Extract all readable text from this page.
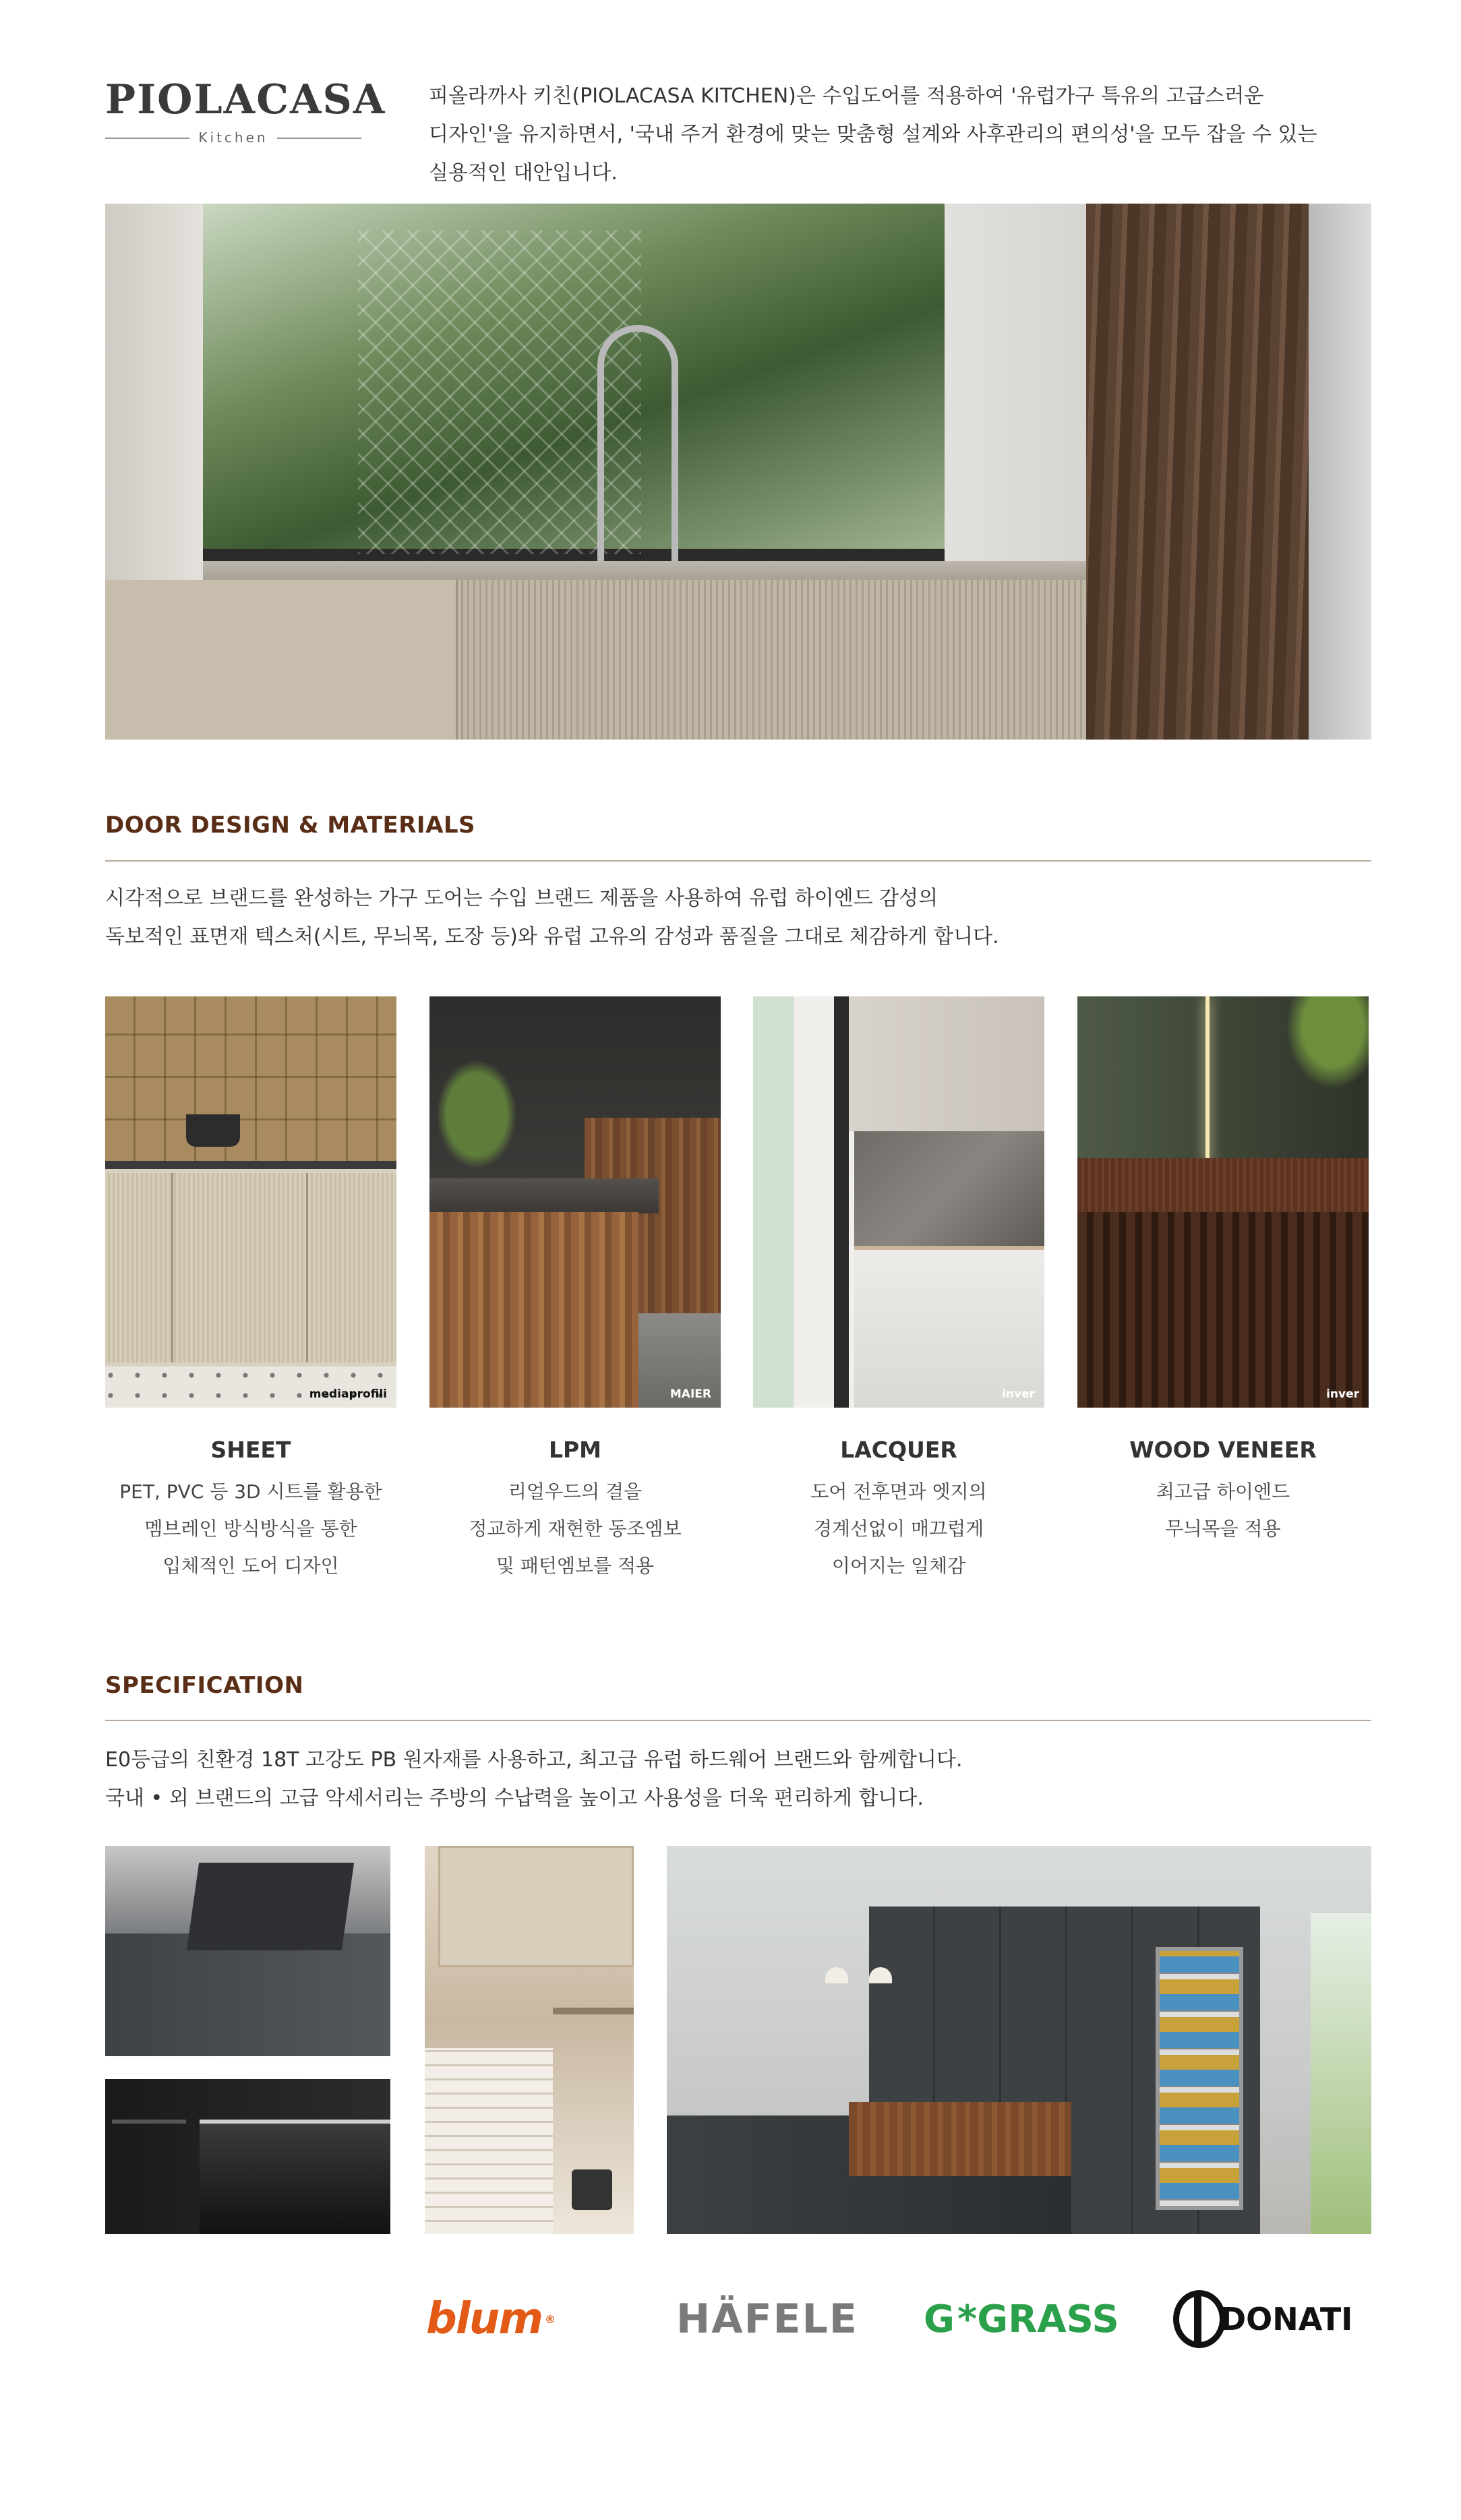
PIOLACASA
Kitchen
피올라까사 키친(PIOLACASA KITCHEN)은 수입도어를 적용하여 '유럽가구 특유의 고급스러운
디자인'을 유지하면서, '국내 주거 환경에 맞는 맞춤형 설계와 사후관리의 편의성'을 모두 잡을 수 있는
실용적인 대안입니다.
DOOR DESIGN & MATERIALS
시각적으로 브랜드를 완성하는 가구 도어는 수입 브랜드 제품을 사용하여 유럽 하이엔드 감성의
독보적인 표면재 텍스처(시트, 무늬목, 도장 등)와 유럽 고유의 감성과 품질을 그대로 체감하게 합니다.
mediaprofili	MAIER	inver	inver
SHEET	LPM	LACQUER	WOOD VENEER
PET, PVC 등 3D 시트를 활용한
멤브레인 방식방식을 통한
입체적인 도어 디자인
리얼우드의 결을
정교하게 재현한 동조엠보
및 패턴엠보를 적용
도어 전후면과 엣지의
경계선없이 매끄럽게
이어지는 일체감
최고급 하이엔드
무늬목을 적용
SPECIFICATION
E0등급의 친환경 18T 고강도 PB 원자재를 사용하고, 최고급 유럽 하드웨어 브랜드와 함께합니다.
국내 • 외 브랜드의 고급 악세서리는 주방의 수납력을 높이고 사용성을 더욱 편리하게 합니다.
blum ®	HÄFELE G *GRASS	DONATI
